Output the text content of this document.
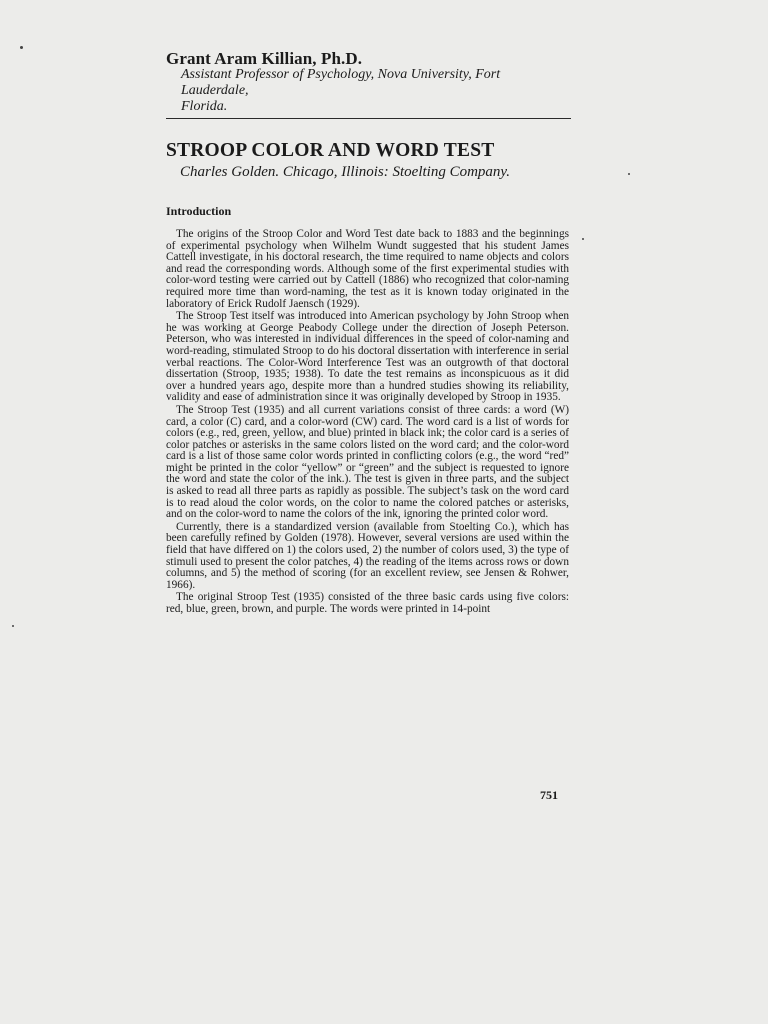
Grant Aram Killian, Ph.D.
Assistant Professor of Psychology, Nova University, Fort Lauderdale,
Florida.
STROOP COLOR AND WORD TEST
Charles Golden. Chicago, Illinois: Stoelting Company.
Introduction

The origins of the Stroop Color and Word Test date back to 1883 and the beginnings of experimental psychology when Wilhelm Wundt suggested that his student James Cattell investigate, in his doctoral research, the time required to name objects and colors and read the corresponding words. Although some of the first experimental studies with color-word testing were carried out by Cattell (1886) who recognized that color-naming required more time than word-naming, the test as it is known today originated in the laboratory of Erick Rudolf Jaensch (1929).

The Stroop Test itself was introduced into American psychology by John Stroop when he was working at George Peabody College under the direction of Joseph Peterson. Peterson, who was interested in individual differences in the speed of color-naming and word-reading, stimulated Stroop to do his doctoral dissertation with interference in serial verbal reactions. The Color-Word Interference Test was an outgrowth of that doctoral dissertation (Stroop, 1935; 1938). To date the test remains as inconspicuous as it did over a hundred years ago, despite more than a hundred studies showing its reliability, validity and ease of administration since it was originally developed by Stroop in 1935.

The Stroop Test (1935) and all current variations consist of three cards: a word (W) card, a color (C) card, and a color-word (CW) card. The word card is a list of words for colors (e.g., red, green, yellow, and blue) printed in black ink; the color card is a series of color patches or asterisks in the same colors listed on the word card; and the color-word card is a list of those same color words printed in conflicting colors (e.g., the word “red” might be printed in the color “yellow” or “green” and the subject is requested to ignore the word and state the color of the ink.). The test is given in three parts, and the subject is asked to read all three parts as rapidly as possible. The subject’s task on the word card is to read aloud the color words, on the color to name the colored patches or asterisks, and on the color-word to name the colors of the ink, ignoring the printed color word.

Currently, there is a standardized version (available from Stoelting Co.), which has been carefully refined by Golden (1978). However, several versions are used within the field that have differed on 1) the colors used, 2) the number of colors used, 3) the type of stimuli used to present the color patches, 4) the reading of the items across rows or down columns, and 5) the method of scoring (for an excellent review, see Jensen & Rohwer, 1966).

The original Stroop Test (1935) consisted of the three basic cards using five colors: red, blue, green, brown, and purple. The words were printed in 14-point

751
